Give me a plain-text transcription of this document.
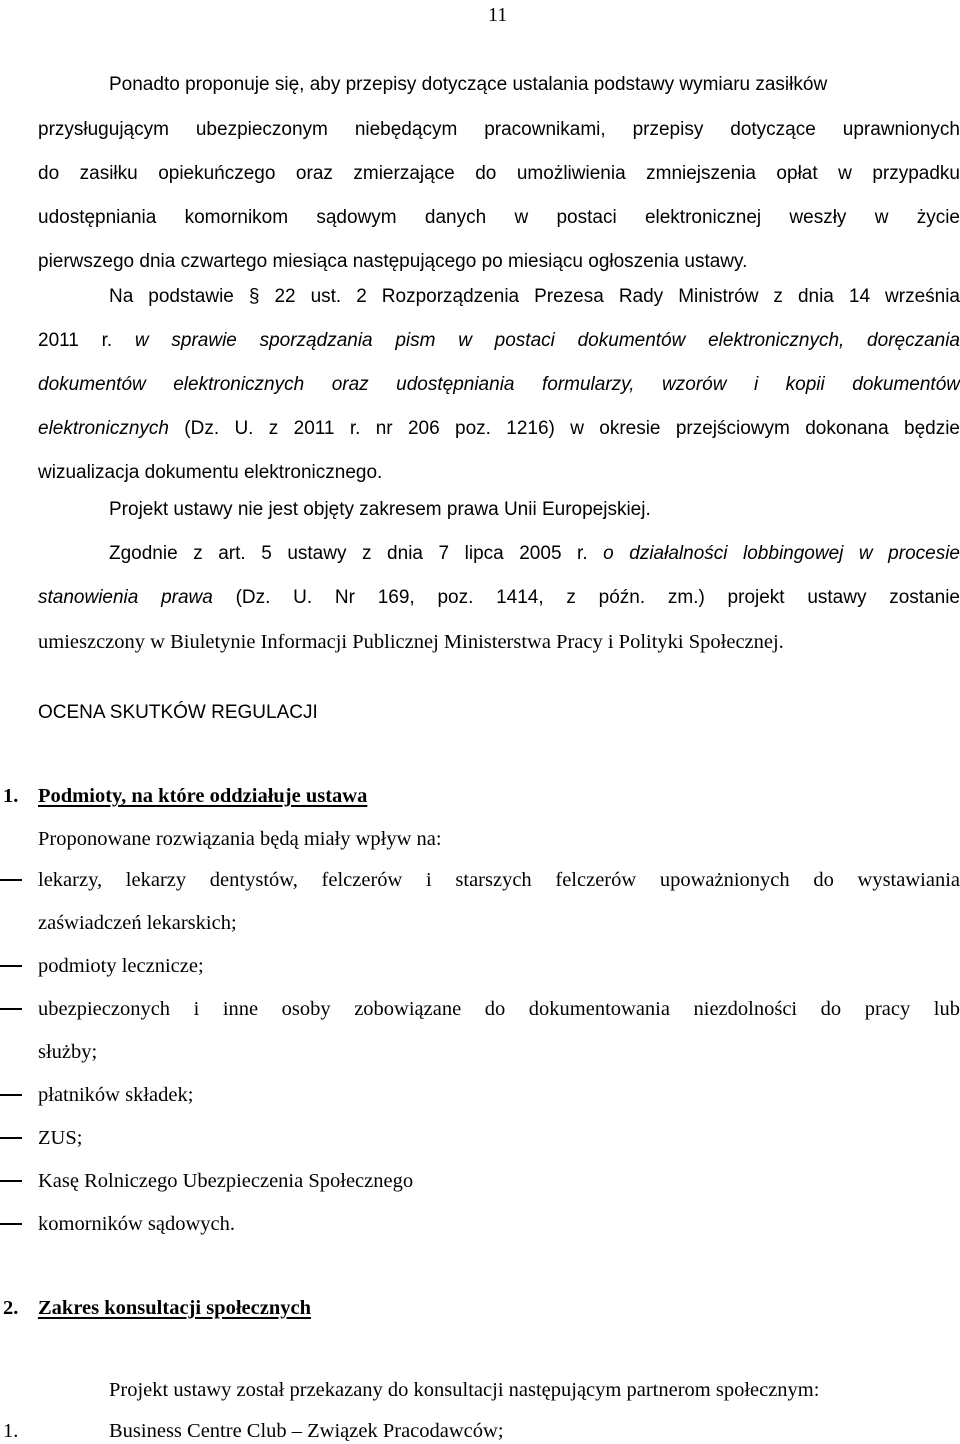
11

Ponadto proponuje się, aby przepisy dotyczące ustalania podstawy wymiaru zasiłków

przysługującym ubezpieczonym niebędącym pracownikami, przepisy dotyczące uprawnionych

do zasiłku opiekuńczego oraz zmierzające do umożliwienia zmniejszenia opłat w przypadku

udostępniania komornikom sądowym danych w postaci elektronicznej weszły w życie

pierwszego dnia czwartego miesiąca następującego po miesiącu ogłoszenia ustawy.

Na podstawie § 22 ust. 2 Rozporządzenia Prezesa Rady Ministrów z dnia 14 września

2011 r. w sprawie sporządzania pism w postaci dokumentów elektronicznych, doręczania

dokumentów elektronicznych oraz udostępniania formularzy, wzorów i kopii dokumentów

elektronicznych (Dz. U. z 2011 r. nr 206 poz. 1216) w okresie przejściowym dokonana będzie

wizualizacja dokumentu elektronicznego.

Projekt ustawy nie jest objęty zakresem prawa Unii Europejskiej.

Zgodnie z art. 5 ustawy z dnia 7 lipca 2005 r. o działalności lobbingowej w procesie

stanowienia prawa (Dz. U. Nr 169, poz. 1414, z późn. zm.) projekt ustawy zostanie

umieszczony w Biuletynie Informacji Publicznej Ministerstwa Pracy i Polityki Społecznej.

OCENA SKUTKÓW REGULACJI

1. Podmioty, na które oddziałuje ustawa

Proponowane rozwiązania będą miały wpływ na:

lekarzy, lekarzy dentystów, felczerów i starszych felczerów upoważnionych do wystawiania

zaświadczeń lekarskich;

podmioty lecznicze;

ubezpieczonych i inne osoby zobowiązane do dokumentowania niezdolności do pracy lub

służby;

płatników składek;

ZUS;

Kasę Rolniczego Ubezpieczenia Społecznego

komorników sądowych.

2. Zakres konsultacji społecznych

Projekt ustawy został przekazany do konsultacji następującym partnerom społecznym:

1.	Business Centre Club – Związek Pracodawców;
